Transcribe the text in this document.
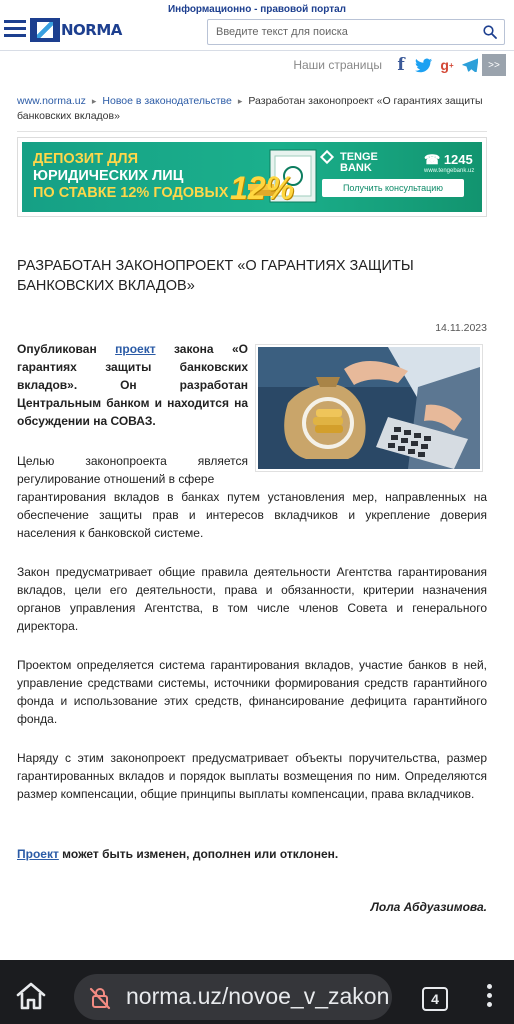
Информационно - правовой портал
NORMA
Введите текст для поиска
Наши страницы f	g +	>>
www.norma.uz ▸ Новое в законодательстве ▸ Разработан законопроект «О гарантиях защиты банковских вкладов»
ДЕПОЗИТ ДЛЯ
ЮРИДИЧЕСКИХ ЛИЦ
ПО СТАВКЕ 12% ГОДОВЫХ 12%
TENGE
BANK
☎ 1245
www.tengebank.uz
Получить консультацию
РАЗРАБОТАН ЗАКОНОПРОЕКТ «О ГАРАНТИЯХ ЗАЩИТЫ БАНКОВСКИХ ВКЛАДОВ»
14.11.2023
Опубликован проект закона «О гарантиях защиты банковских вкладов». Он разработан Центральным банком и находится на обсуждении на СОВАЗ.
Целью законопроекта является регулирование отношений в сфере
гарантирования вкладов в банках путем установления мер, направленных на обеспечение защиты прав и интересов вкладчиков и укрепление доверия населения к банковской системе.
Закон предусматривает общие правила деятельности Агентства гарантирования вкладов, цели его деятельности, права и обязанности, критерии назначения органов управления Агентства, в том числе членов Совета и генерального директора.
Проектом определяется система гарантирования вкладов, участие банков в ней, управление средствами системы, источники формирования средств гарантийного фонда и использование этих средств, финансирование дефицита гарантийного фонда.
Наряду с этим законопроект предусматривает объекты поручительства, размер гарантированных вкладов и порядок выплаты возмещения по ним. Определяются размер компенсации, общие принципы выплаты компенсации, права вкладчиков.
Проект может быть изменен, дополнен или отклонен.
Лола Абдуазимова.
norma.uz/novoe_v_zakon	4
